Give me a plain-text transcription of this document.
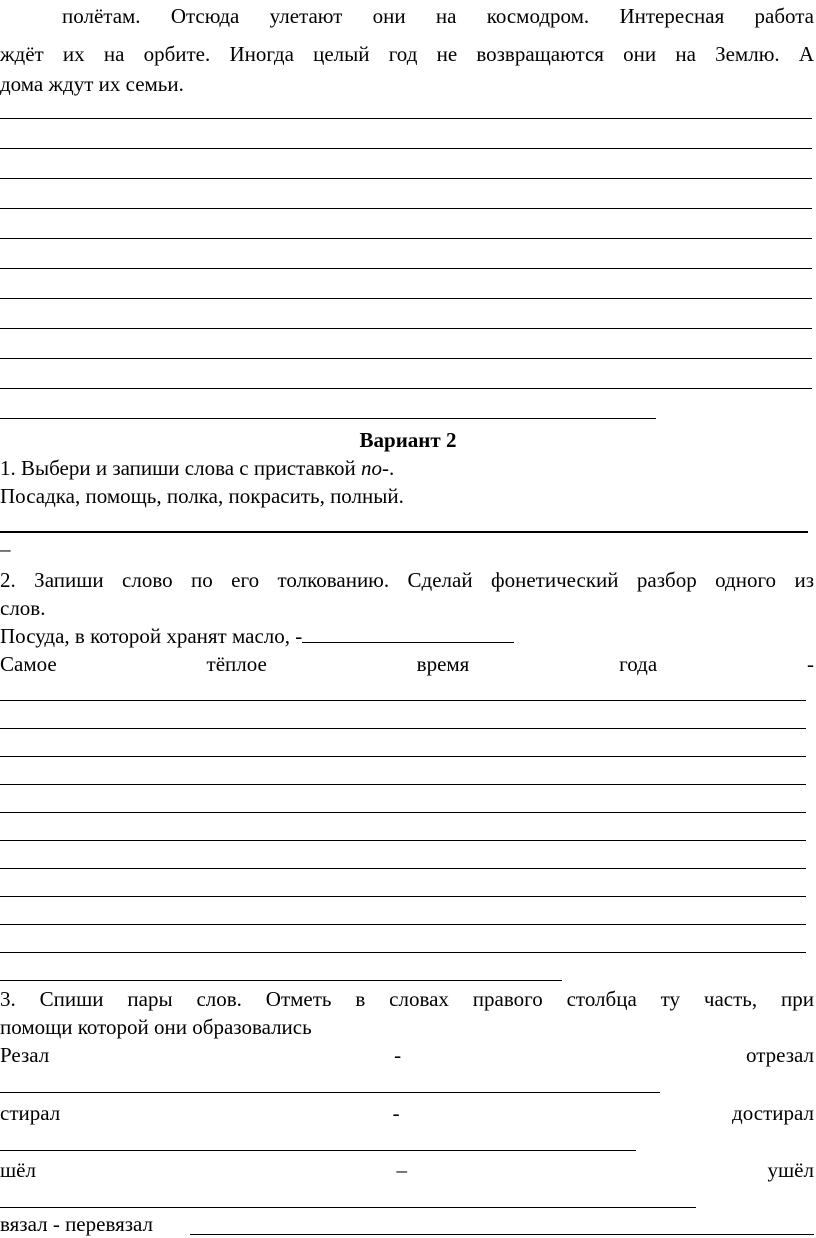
полётам. Отсюда улетают они на космодром. Интересная работа
ждёт их на орбите. Иногда целый год не возвращаются они на Землю. А
дома ждут их семьи.
Вариант 2
1. Выбери и запиши слова с приставкой по-.
Посадка, помощь, полка, покрасить, полный.
_
2. Запиши слово по его толкованию. Сделай фонетический разбор одного из
слов.
Посуда, в которой хранят масло, -
Самое	тёплое	время	года	-
3. Спиши пары слов. Отметь в словах правого столбца ту часть, при
помощи которой они образовались
Резал	-	отрезал
стирал	-	достирал
шёл	–	ушёл
вязал - перевязал
